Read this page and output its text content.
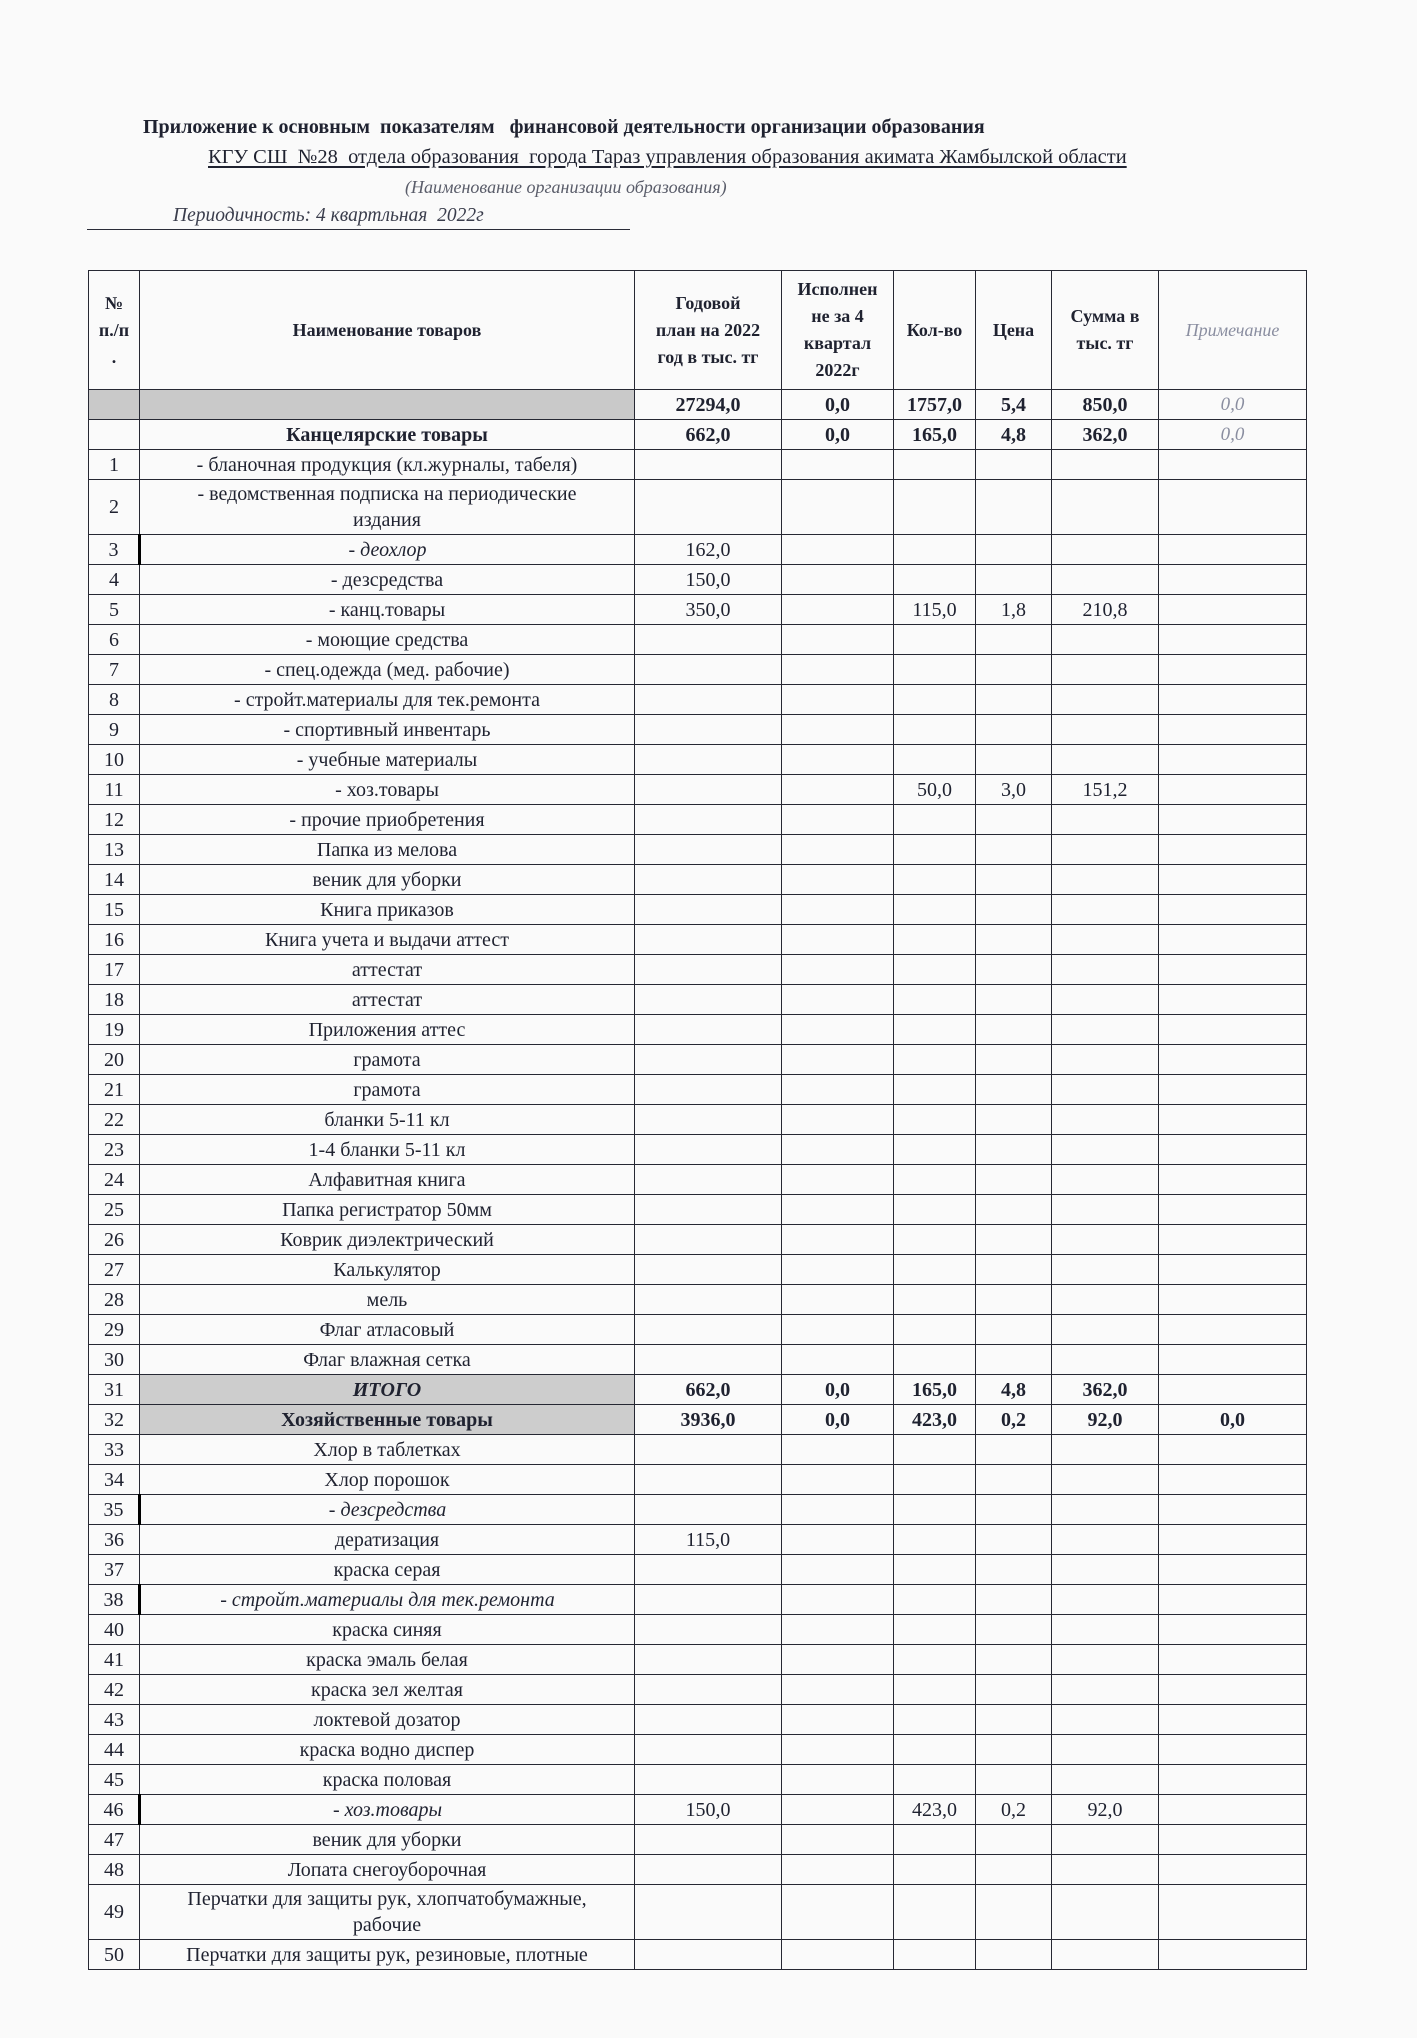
Приложение к основным  показателям   финансовой деятельности организации образования
КГУ СШ  №28  отдела образования  города Тараз управления образования акимата Жамбылской области
(Наименование организации образования)
Периодичность: 4 квартльная  2022г
№
п./п
.	Наименование товаров	Годовой
план на 2022
год в тыс. тг	Исполнен
не за 4
квартал
2022г	Кол-во	Цена	Сумма в
тыс. тг	Примечание
		27294,0	0,0	1757,0	5,4	850,0	0,0
	Канцелярские товары	662,0	0,0	165,0	4,8	362,0	0,0
1	- бланочная продукция (кл.журналы, табеля)						
2	- ведомственная подписка на периодические
издания						
3	- деохлор	162,0					
4	- дезсредства	150,0					
5	- канц.товары	350,0		115,0	1,8	210,8	
6	- моющие средства						
7	- спец.одежда (мед. рабочие)						
8	- стройт.материалы для тек.ремонта						
9	- спортивный инвентарь						
10	- учебные материалы						
11	- хоз.товары			50,0	3,0	151,2	
12	- прочие приобретения						
13	Папка из мелова						
14	веник для уборки						
15	Книга приказов						
16	Книга учета и выдачи аттест						
17	аттестат						
18	аттестат						
19	Приложения аттес						
20	грамота						
21	грамота						
22	бланки 5-11 кл						
23	1-4 бланки 5-11 кл						
24	Алфавитная книга						
25	Папка регистратор 50мм						
26	Коврик диэлектрический						
27	Калькулятор						
28	мель						
29	Флаг атласовый						
30	Флаг влажная сетка						
31	ИТОГО	662,0	0,0	165,0	4,8	362,0	
32	Хозяйственные товары	3936,0	0,0	423,0	0,2	92,0	0,0
33	Хлор в таблетках						
34	Хлор порошок						
35	- дезсредства						
36	дератизация	115,0					
37	краска серая						
38	- стройт.материалы для тек.ремонта						
40	краска синяя						
41	краска эмаль белая						
42	краска зел желтая						
43	локтевой дозатор						
44	краска водно диспер						
45	краска половая						
46	- хоз.товары	150,0		423,0	0,2	92,0	
47	веник для уборки						
48	Лопата снегоуборочная						
49	Перчатки для защиты рук, хлопчатобумажные,
рабочие						
50	Перчатки для защиты рук, резиновые, плотные						
